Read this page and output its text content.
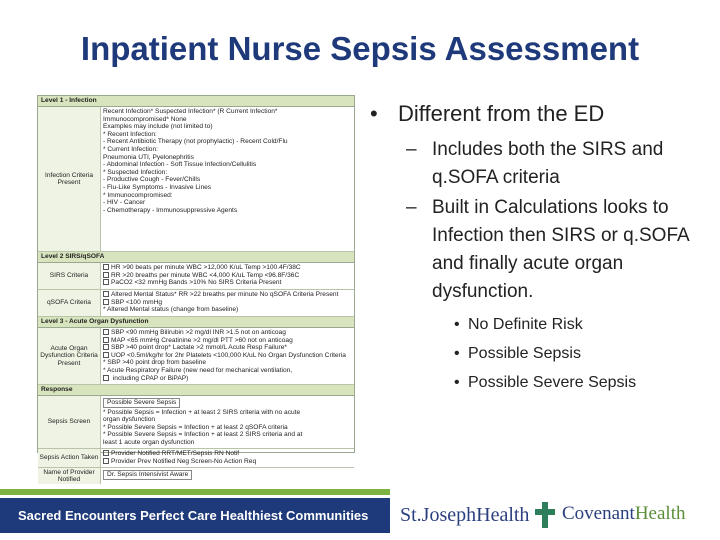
Inpatient Nurse Sepsis Assessment
Level 1 - Infection
Infection Criteria Present
Recent Infection* Suspected Infection* (R Current Infection*
Immunocompromised* None
Examples may include (not limited to)
* Recent Infection:
- Recent Antibiotic Therapy (not prophylactic) - Recent Cold/Flu
* Current Infection:
Pneumonia UTI, Pyelonephritis
- Abdominal Infection - Soft Tissue Infection/Cellulitis
* Suspected Infection:
- Productive Cough - Fever/Chills
- Flu-Like Symptoms - Invasive Lines
* Immunocompromised:
- HIV - Cancer
- Chemotherapy - Immunosuppressive Agents
Level 2 SIRS/qSOFA
SIRS Criteria
HR >90 beats per minute WBC >12,000 K/uL Temp >100.4F/38C
RR >20 breaths per minute WBC <4,000 K/uL Temp <96.8F/36C
PaCO2 <32 mmHg Bands >10% No SIRS Criteria Present
qSOFA Criteria
Altered Mental Status* RR >22 breaths per minute No qSOFA Criteria Present
SBP <100 mmHg
* Altered Mental status (change from baseline)
Level 3 - Acute Organ Dysfunction
Acute Organ Dysfunction Criteria Present
SBP <90 mmHg Bilirubin >2 mg/dl INR >1.5 not on anticoag
MAP <65 mmHg Creatinine >2 mg/dl PTT >60 not on anticoag
SBP >40 point drop* Lactate >2 mmol/L Acute Resp Failure*
UOP <0.5ml/kg/hr for 2hr Platelets <100,000 K/uL No Organ Dysfunction Criteria
* SBP >40 point drop from baseline
* Acute Respiratory Failure (new need for mechanical ventilation,
including CPAP or BiPAP)
Response
Sepsis Screen
Possible Severe Sepsis
* Possible Sepsis = Infection + at least 2 SIRS criteria with no acute
organ dysfunction
* Possible Severe Sepsis = Infection + at least 2 qSOFA criteria
* Possible Severe Sepsis = Infection + at least 2 SIRS criteria and at
least 1 acute organ dysfunction
Sepsis Action Taken
Provider Notified RRT/MET/Sepsis RN Notif
Provider Prev Notified Neg Screen-No Action Req
Name of Provider Notified
Dr. Sepsis Intensivist Aware
• Different from the ED
– Includes both the SIRS and q.SOFA criteria
– Built in Calculations looks to Infection then SIRS or q.SOFA and finally acute organ dysfunction.
• No Definite Risk
• Possible Sepsis
• Possible Severe Sepsis
Sacred Encounters Perfect Care Healthiest Communities	St.JosephHealth CovenantHealth
